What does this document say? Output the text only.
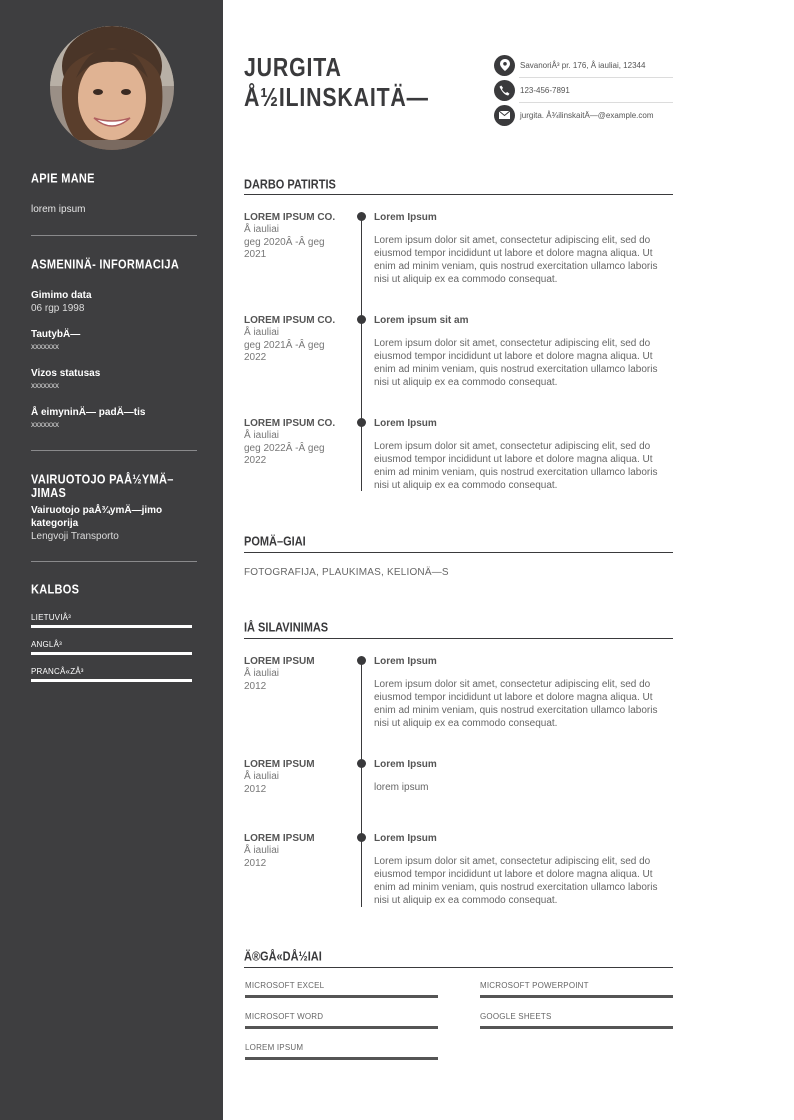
APIE MANE
lorem ipsum
ASMENINÄ- INFORMACIJA
Gimimo data
06 rgp 1998
TautybÄ—
xxxxxxx
Vizos statusas
xxxxxxx
Å eimyninÄ— padÄ—tis
xxxxxxx
VAIRUOTOJO PAÅ½YMÄ–JIMAS
Vairuotojo paÅ¾ymÄ—jimo kategorija
Lengvoji Transporto
KALBOS
LIETUVIÅ³
ANGLÅ³
PRANCÅ«ZÅ³
JURGITA
Å½ILINSKAITÄ—
SavanoriÅ³ pr. 176, Å iauliai, 12344
123-456-7891
jurgita. Å¾ilinskaitÄ—@example.com
DARBO PATIRTIS
LOREM IPSUM CO.
Å iauliai
geg 2020Â -Â geg
2021
Lorem Ipsum
Lorem ipsum dolor sit amet, consectetur adipiscing elit, sed do eiusmod tempor incididunt ut labore et dolore magna aliqua. Ut enim ad minim veniam, quis nostrud exercitation ullamco laboris nisi ut aliquip ex ea commodo consequat.
LOREM IPSUM CO.
Å iauliai
geg 2021Â -Â geg
2022
Lorem ipsum sit am
Lorem ipsum dolor sit amet, consectetur adipiscing elit, sed do eiusmod tempor incididunt ut labore et dolore magna aliqua. Ut enim ad minim veniam, quis nostrud exercitation ullamco laboris nisi ut aliquip ex ea commodo consequat.
LOREM IPSUM CO.
Å iauliai
geg 2022Â -Â geg
2022
Lorem Ipsum
Lorem ipsum dolor sit amet, consectetur adipiscing elit, sed do eiusmod tempor incididunt ut labore et dolore magna aliqua. Ut enim ad minim veniam, quis nostrud exercitation ullamco laboris nisi ut aliquip ex ea commodo consequat.
POMÄ–GIAI
FOTOGRAFIJA, PLAUKIMAS, KELIONÄ—S
IÅ SILAVINIMAS
LOREM IPSUM
Å iauliai
2012
Lorem Ipsum
Lorem ipsum dolor sit amet, consectetur adipiscing elit, sed do eiusmod tempor incididunt ut labore et dolore magna aliqua. Ut enim ad minim veniam, quis nostrud exercitation ullamco laboris nisi ut aliquip ex ea commodo consequat.
LOREM IPSUM
Å iauliai
2012
Lorem Ipsum
lorem ipsum
LOREM IPSUM
Å iauliai
2012
Lorem Ipsum
Lorem ipsum dolor sit amet, consectetur adipiscing elit, sed do eiusmod tempor incididunt ut labore et dolore magna aliqua. Ut enim ad minim veniam, quis nostrud exercitation ullamco laboris nisi ut aliquip ex ea commodo consequat.
Ä®GÅ«DÅ½IAI
MICROSOFT EXCEL	MICROSOFT POWERPOINT
MICROSOFT WORD	GOOGLE SHEETS
LOREM IPSUM
